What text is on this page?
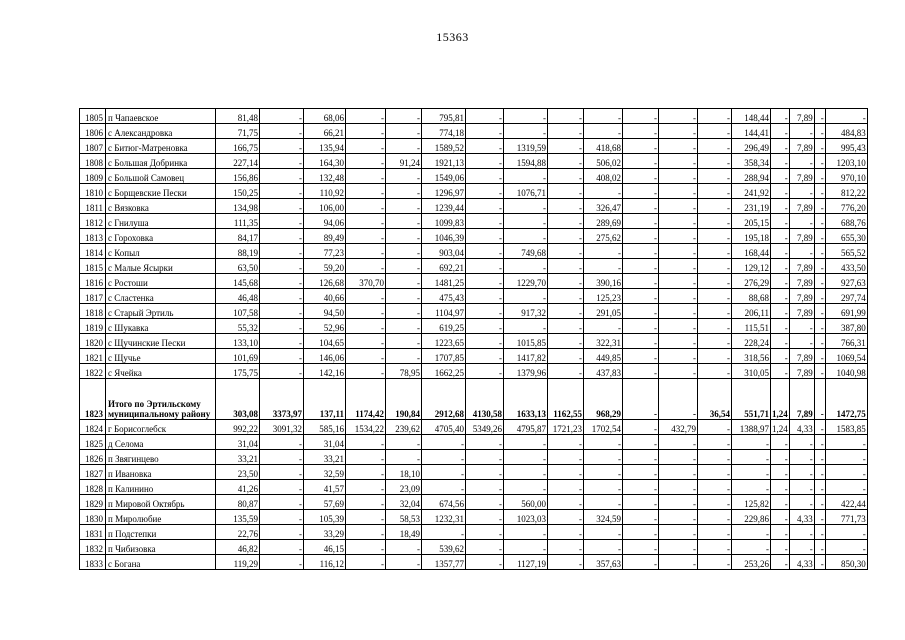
15363
1805	п Чапаевское	81,48	-	68,06	-	-	795,81	-	-	-	-	-	-	-	148,44	-	7,89	-	-
1806	с Александровка	71,75	-	66,21	-	-	774,18	-	-	-	-	-	-	-	144,41	-	-	-	484,83
1807	с Битюг-Матреновка	166,75	-	135,94	-	-	1589,52	-	1319,59	-	418,68	-	-	-	296,49	-	7,89	-	995,43
1808	с Большая Добринка	227,14	-	164,30	-	91,24	1921,13	-	1594,88	-	506,02	-	-	-	358,34	-	-	-	1203,10
1809	с Большой Самовец	156,86	-	132,48	-	-	1549,06	-	-	-	408,02	-	-	-	288,94	-	7,89	-	970,10
1810	с Борщевские Пески	150,25	-	110,92	-	-	1296,97	-	1076,71	-	-	-	-	-	241,92	-	-	-	812,22
1811	с Вязковка	134,98	-	106,00	-	-	1239,44	-	-	-	326,47	-	-	-	231,19	-	7,89	-	776,20
1812	с Гнилуша	111,35	-	94,06	-	-	1099,83	-	-	-	289,69	-	-	-	205,15	-	-	-	688,76
1813	с Гороховка	84,17	-	89,49	-	-	1046,39	-	-	-	275,62	-	-	-	195,18	-	7,89	-	655,30
1814	с Копыл	88,19	-	77,23	-	-	903,04	-	749,68	-	-	-	-	-	168,44	-	-	-	565,52
1815	с Малые Ясырки	63,50	-	59,20	-	-	692,21	-	-	-	-	-	-	-	129,12	-	7,89	-	433,50
1816	с Ростоши	145,68	-	126,68	370,70	-	1481,25	-	1229,70	-	390,16	-	-	-	276,29	-	7,89	-	927,63
1817	с Сластенка	46,48	-	40,66	-	-	475,43	-	-	-	125,23	-	-	-	88,68	-	7,89	-	297,74
1818	с Старый Эртиль	107,58	-	94,50	-	-	1104,97	-	917,32	-	291,05	-	-	-	206,11	-	7,89	-	691,99
1819	с Шукавка	55,32	-	52,96	-	-	619,25	-	-	-	-	-	-	-	115,51	-	-	-	387,80
1820	с Щучинские Пески	133,10	-	104,65	-	-	1223,65	-	1015,85	-	322,31	-	-	-	228,24	-	-	-	766,31
1821	с Щучье	101,69	-	146,06	-	-	1707,85	-	1417,82	-	449,85	-	-	-	318,56	-	7,89	-	1069,54
1822	с Ячейка	175,75	-	142,16	-	78,95	1662,25	-	1379,96	-	437,83	-	-	-	310,05	-	7,89	-	1040,98
1823	Итого по Эртильскому муниципальному району	303,08	3373,97	137,11	1174,42	190,84	2912,68	4130,58	1633,13	1162,55	968,29	-	-	36,54	551,71	1,24	7,89	-	1472,75
1824	г Борисоглебск	992,22	3091,32	585,16	1534,22	239,62	4705,40	5349,26	4795,87	1721,23	1702,54	-	432,79	-	1388,97	1,24	4,33	-	1583,85
1825	д Селома	31,04	-	31,04	-	-	-	-	-	-	-	-	-	-	-	-	-	-	-
1826	п Звягинцево	33,21	-	33,21	-	-	-	-	-	-	-	-	-	-	-	-	-	-	-
1827	п Ивановка	23,50	-	32,59	-	18,10	-	-	-	-	-	-	-	-	-	-	-	-	-
1828	п Калинино	41,26	-	41,57	-	23,09	-	-	-	-	-	-	-	-	-	-	-	-	-
1829	п Мировой Октябрь	80,87	-	57,69	-	32,04	674,56	-	560,00	-	-	-	-	-	125,82	-	-	-	422,44
1830	п Миролюбие	135,59	-	105,39	-	58,53	1232,31	-	1023,03	-	324,59	-	-	-	229,86	-	4,33	-	771,73
1831	п Подстепки	22,76	-	33,29	-	18,49	-	-	-	-	-	-	-	-	-	-	-	-	-
1832	п Чибизовка	46,82	-	46,15	-	-	539,62	-	-	-	-	-	-	-	-	-	-	-	-
1833	с Богана	119,29	-	116,12	-	-	1357,77	-	1127,19	-	357,63	-	-	-	253,26	-	4,33	-	850,30
